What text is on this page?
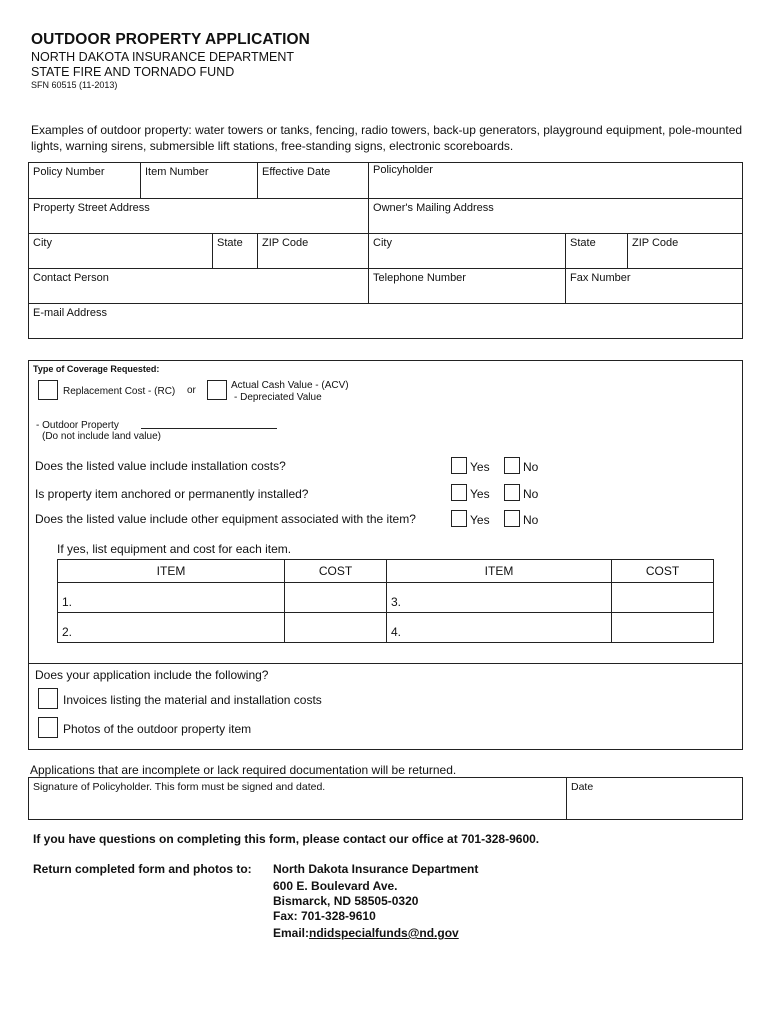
OUTDOOR PROPERTY APPLICATION
NORTH DAKOTA INSURANCE DEPARTMENT
STATE FIRE AND TORNADO FUND
SFN 60515 (11-2013)
Examples of outdoor property: water towers or tanks, fencing, radio towers, back-up generators, playground equipment, pole-mounted lights, warning sirens, submersible lift stations, free-standing signs, electronic scoreboards.
Policy Number	Item Number		Effective Date	Policyholder		
Property Street Address				Owner's Mailing Address		
City		State	ZIP Code	City	State	ZIP Code
Contact Person				Telephone Number	Fax Number	
E-mail Address						
Type of Coverage Requested:
Replacement Cost - (RC) or	Actual Cash Value - (ACV)
- Depreciated Value
- Outdoor Property
(Do not include land value)
Does the listed value include installation costs?
Is property item anchored or permanently installed?
Does the listed value include other equipment associated with the item?
Yes	No
Yes	No
Yes	No
If yes, list equipment and cost for each item.
ITEM	COST	ITEM	COST
1.		3.	
2.		4.	
Does your application include the following?
Invoices listing the material and installation costs
Photos of the outdoor property item
Applications that are incomplete or lack required documentation will be returned.
Signature of Policyholder. This form must be signed and dated.	Date
If you have questions on completing this form, please contact our office at 701-328-9600.
Return completed form and photos to: North Dakota Insurance Department
600 E. Boulevard Ave.
Bismarck, ND 58505-0320
Fax: 701-328-9610
Email:ndidspecialfunds@nd.gov
